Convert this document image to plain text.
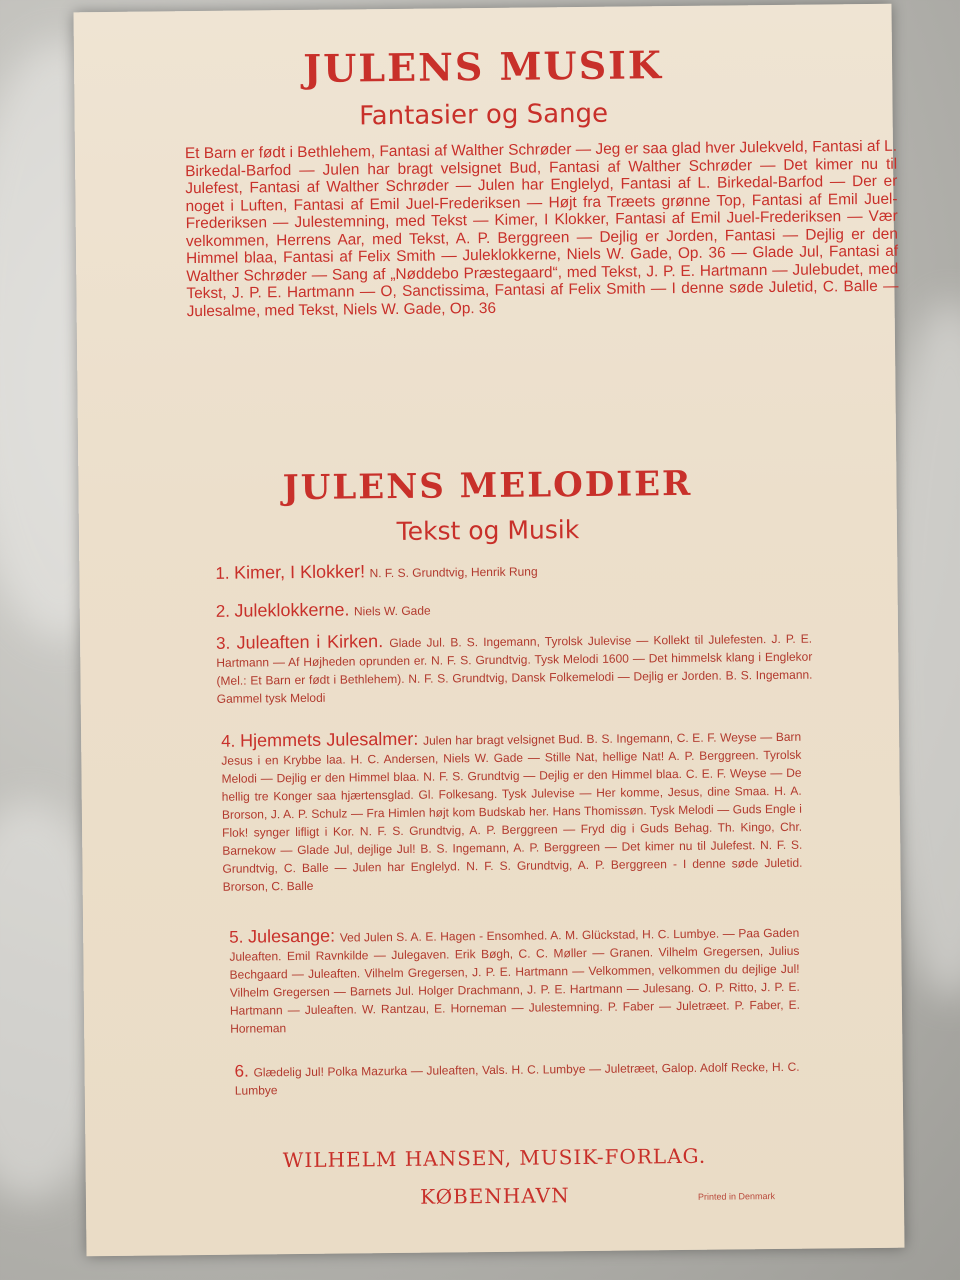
JULENS MUSIK
Fantasier og Sange
Et Barn er født i Bethlehem, Fantasi af Walther Schrøder — Jeg er saa glad hver Julekveld, Fantasi af L. Birkedal-Barfod — Julen har bragt velsignet Bud, Fantasi af Walther Schrøder — Det kimer nu til Julefest, Fantasi af Walther Schrøder — Julen har Englelyd, Fantasi af L. Birkedal-Barfod — Der er noget i Luften, Fantasi af Emil Juel-Frederiksen — Højt fra Træets grønne Top, Fantasi af Emil Juel-Frederiksen — Julestemning, med Tekst — Kimer, I Klokker, Fantasi af Emil Juel-Frederiksen — Vær velkommen, Herrens Aar, med Tekst, A. P. Berggreen — Dejlig er Jorden, Fantasi — Dejlig er den Himmel blaa, Fantasi af Felix Smith — Juleklokkerne, Niels W. Gade, Op. 36 — Glade Jul, Fantasi af Walther Schrøder — Sang af „Nøddebo Præstegaard“, med Tekst, J. P. E. Hartmann — Julebudet, med Tekst, J. P. E. Hartmann — O, Sanctissima, Fantasi af Felix Smith — I denne søde Juletid, C. Balle — Julesalme, med Tekst, Niels W. Gade, Op. 36
JULENS MELODIER
Tekst og Musik
1. Kimer, I Klokker! N. F. S. Grundtvig, Henrik Rung
2. Juleklokkerne. Niels W. Gade
3. Juleaften i Kirken. Glade Jul. B. S. Ingemann, Tyrolsk Julevise — Kollekt til Julefesten. J. P. E. Hartmann — Af Højheden oprunden er. N. F. S. Grundtvig. Tysk Melodi 1600 — Det himmelsk klang i Englekor (Mel.: Et Barn er født i Bethlehem). N. F. S. Grundtvig, Dansk Folkemelodi — Dejlig er Jorden. B. S. Ingemann. Gammel tysk Melodi
4. Hjemmets Julesalmer: Julen har bragt velsignet Bud. B. S. Ingemann, C. E. F. Weyse — Barn Jesus i en Krybbe laa. H. C. Andersen, Niels W. Gade — Stille Nat, hellige Nat! A. P. Berggreen. Tyrolsk Melodi — Dejlig er den Himmel blaa. N. F. S. Grundtvig — Dejlig er den Himmel blaa. C. E. F. Weyse — De hellig tre Konger saa hjærtensglad. Gl. Folkesang. Tysk Julevise — Her komme, Jesus, dine Smaa. H. A. Brorson, J. A. P. Schulz — Fra Himlen højt kom Budskab her. Hans Thomissøn. Tysk Melodi — Guds Engle i Flok! synger lifligt i Kor. N. F. S. Grundtvig, A. P. Berggreen — Fryd dig i Guds Behag. Th. Kingo, Chr. Barnekow — Glade Jul, dejlige Jul! B. S. Ingemann, A. P. Berggreen — Det kimer nu til Julefest. N. F. S. Grundtvig, C. Balle — Julen har Englelyd. N. F. S. Grundtvig, A. P. Berggreen - I denne søde Juletid. Brorson, C. Balle
5. Julesange: Ved Julen S. A. E. Hagen - Ensomhed. A. M. Glückstad, H. C. Lumbye. — Paa Gaden Juleaften. Emil Ravnkilde — Julegaven. Erik Bøgh, C. C. Møller — Granen. Vilhelm Gregersen, Julius Bechgaard — Juleaften. Vilhelm Gregersen, J. P. E. Hartmann — Velkommen, velkommen du dejlige Jul! Vilhelm Gregersen — Barnets Jul. Holger Drachmann, J. P. E. Hartmann — Julesang. O. P. Ritto, J. P. E. Hartmann — Juleaften. W. Rantzau, E. Horneman — Julestemning. P. Faber — Juletræet. P. Faber, E. Horneman
6. Glædelig Jul! Polka Mazurka — Juleaften, Vals. H. C. Lumbye — Juletræet, Galop. Adolf Recke, H. C. Lumbye
WILHELM HANSEN, MUSIK-FORLAG.
KØBENHAVN	Printed in Denmark
